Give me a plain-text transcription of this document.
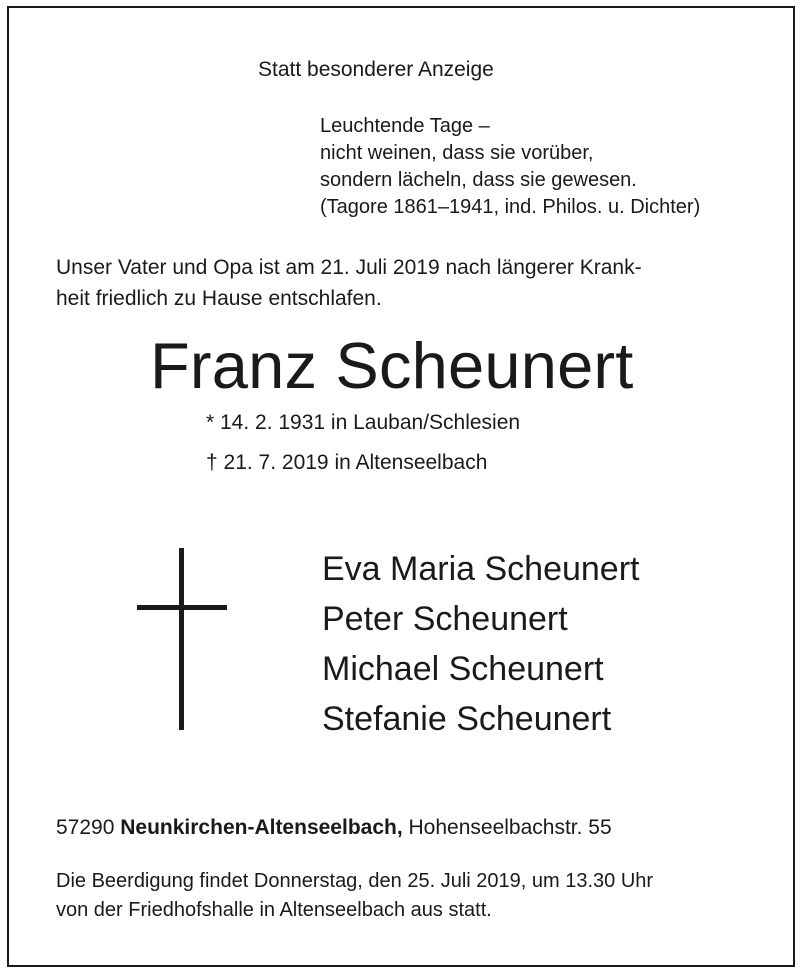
Statt besonderer Anzeige
Leuchtende Tage –
nicht weinen, dass sie vorüber,
sondern lächeln, dass sie gewesen.
(Tagore 1861–1941, ind. Philos. u. Dichter)
Unser Vater und Opa ist am 21. Juli 2019 nach längerer Krank-
heit friedlich zu Hause entschlafen.
Franz Scheunert
* 14. 2. 1931 in Lauban/Schlesien
† 21. 7. 2019 in Altenseelbach
Eva Maria Scheunert
Peter Scheunert
Michael Scheunert
Stefanie Scheunert
57290 Neunkirchen-Altenseelbach, Hohenseelbachstr. 55
Die Beerdigung findet Donnerstag, den 25. Juli 2019, um 13.30 Uhr
von der Friedhofshalle in Altenseelbach aus statt.
